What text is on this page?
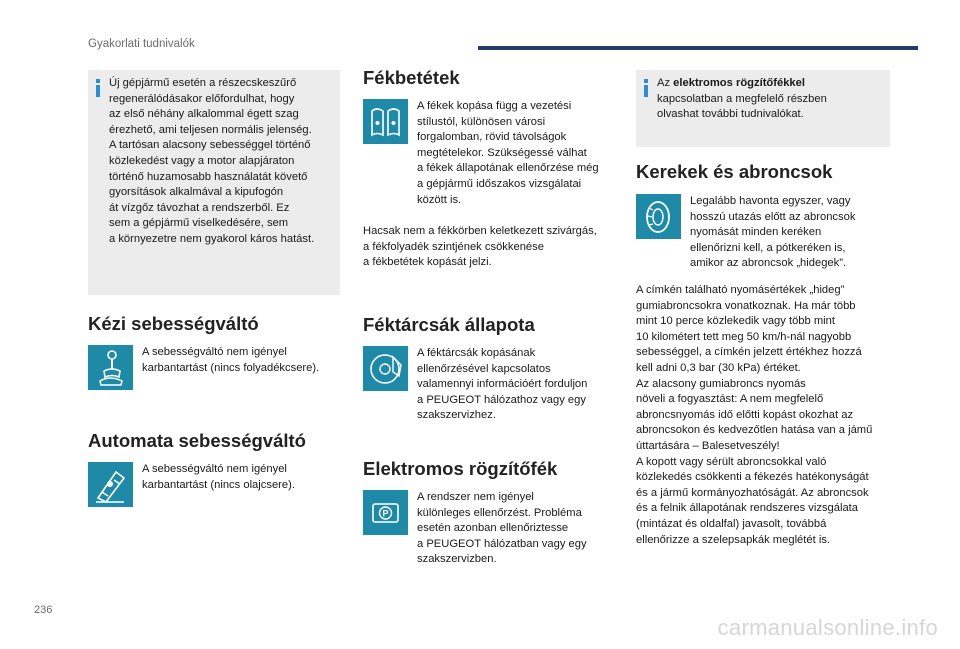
Gyakorlati tudnivalók
Új gépjármű esetén a részecskeszűrő
regenerálódásakor előfordulhat, hogy
az első néhány alkalommal égett szag
érezhető, ami teljesen normális jelenség.
A tartósan alacsony sebességgel történő
közlekedést vagy a motor alapjáraton
történő huzamosabb használatát követő
gyorsítások alkalmával a kipufogón
át vízgőz távozhat a rendszerből. Ez
sem a gépjármű viselkedésére, sem
a környezetre nem gyakorol káros hatást.
Kézi sebességváltó
A sebességváltó nem igényel
karbantartást (nincs folyadékcsere).
Automata sebességváltó
A sebességváltó nem igényel
karbantartást (nincs olajcsere).
Fékbetétek
A fékek kopása függ a vezetési
stílustól, különösen városi
forgalomban, rövid távolságok
megtételekor. Szükségessé válhat
a fékek állapotának ellenőrzése még
a gépjármű időszakos vizsgálatai
között is.
Hacsak nem a fékkörben keletkezett szivárgás,
a fékfolyadék szintjének csökkenése
a fékbetétek kopását jelzi.
Féktárcsák állapota
A féktárcsák kopásának
ellenőrzésével kapcsolatos
valamennyi információért forduljon
a PEUGEOT hálózathoz vagy egy
szakszervizhez.
Elektromos rögzítőfék
P
A rendszer nem igényel
különleges ellenőrzést. Probléma
esetén azonban ellenőriztesse
a PEUGEOT hálózatban vagy egy
szakszervizben.
Az elektromos rögzítőfékkel
kapcsolatban a megfelelő részben
olvashat további tudnivalókat.
Kerekek és abroncsok
Legalább havonta egyszer, vagy
hosszú utazás előtt az abroncsok
nyomását minden keréken
ellenőrizni kell, a pótkeréken is,
amikor az abroncsok „hidegek”.
A címkén található nyomásértékek „hideg”
gumiabroncsokra vonatkoznak. Ha már több
mint 10 perce közlekedik vagy több mint
10 kilométert tett meg 50 km/h-nál nagyobb
sebességgel, a címkén jelzett értékhez hozzá
kell adni 0,3 bar (30 kPa) értéket.
Az alacsony gumiabroncs nyomás
növeli a fogyasztást: A nem megfelelő
abroncsnyomás idő előtti kopást okozhat az
abroncsokon és kedvezőtlen hatása van a jámű
úttartására – Balesetveszély!
A kopott vagy sérült abroncsokkal való
közlekedés csökkenti a fékezés hatékonyságát
és a jármű kormányozhatóságát. Az abroncsok
és a felnik állapotának rendszeres vizsgálata
(mintázat és oldalfal) javasolt, továbbá
ellenőrizze a szelepsapkák meglétét is.
236
carmanualsonline.info
